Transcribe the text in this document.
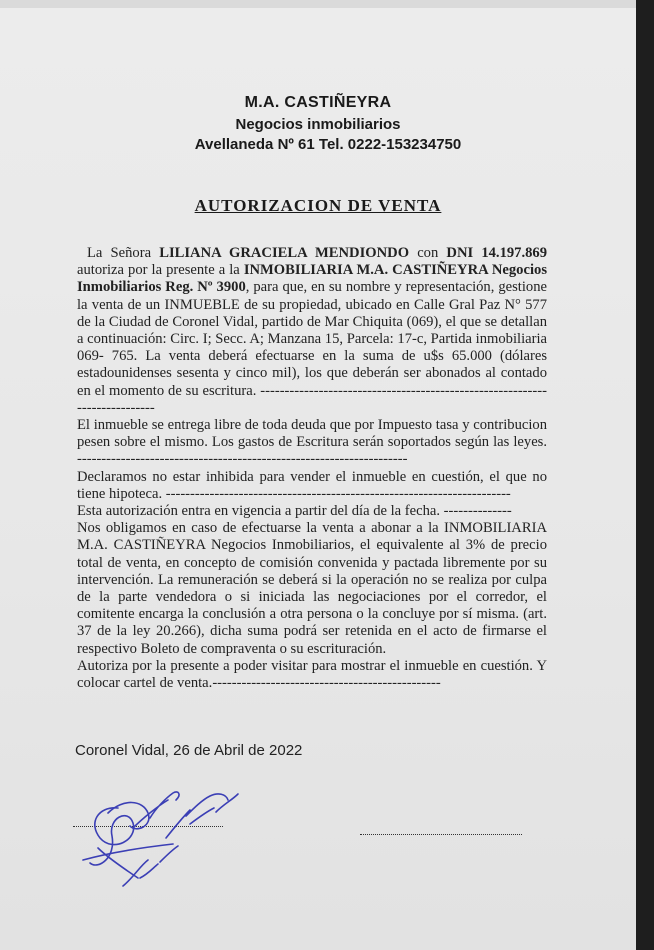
M.A. CASTIÑEYRA
Negocios inmobiliarios
Avellaneda Nº 61 Tel. 0222-153234750
AUTORIZACION DE VENTA

La Señora LILIANA GRACIELA MENDIONDO con DNI 14.197.869 autoriza por la presente a la INMOBILIARIA M.A. CASTIÑEYRA Negocios Inmobiliarios Reg. Nº 3900, para que, en su nombre y representación, gestione la venta de un INMUEBLE de su propiedad, ubicado en Calle Gral Paz N° 577 de la Ciudad de Coronel Vidal, partido de Mar Chiquita (069), el que se detallan a continuación: Circ. I; Secc. A; Manzana 15, Parcela: 17-c, Partida inmobiliaria 069- 765. La venta deberá efectuarse en la suma de u$s 65.000 (dólares estadounidenses sesenta y cinco mil), los que deberán ser abonados al contado en el momento de su escritura. ---------------------------------------------------------------------------

El inmueble se entrega libre de toda deuda que por Impuesto tasa y contribucion pesen sobre el mismo. Los gastos de Escritura serán soportados según las leyes. --------------------------------------------------------------------

Declaramos no estar inhibida para vender el inmueble en cuestión, el que no tiene hipoteca. -----------------------------------------------------------------------

Esta autorización entra en vigencia a partir del día de la fecha. --------------

Nos obligamos en caso de efectuarse la venta a abonar a la INMOBILIARIA M.A. CASTIÑEYRA Negocios Inmobiliarios, el equivalente al 3% de precio total de venta, en concepto de comisión convenida y pactada libremente por su intervención. La remuneración se deberá si la operación no se realiza por culpa de la parte vendedora o si iniciada las negociaciones por el corredor, el comitente encarga la conclusión a otra persona o la concluye por sí misma. (art. 37 de la ley 20.266), dicha suma podrá ser retenida en el acto de firmarse el respectivo Boleto de compraventa o su escrituración.

Autoriza por la presente a poder visitar para mostrar el inmueble en cuestión. Y colocar cartel de venta.-----------------------------------------------

Coronel Vidal, 26 de Abril de 2022
